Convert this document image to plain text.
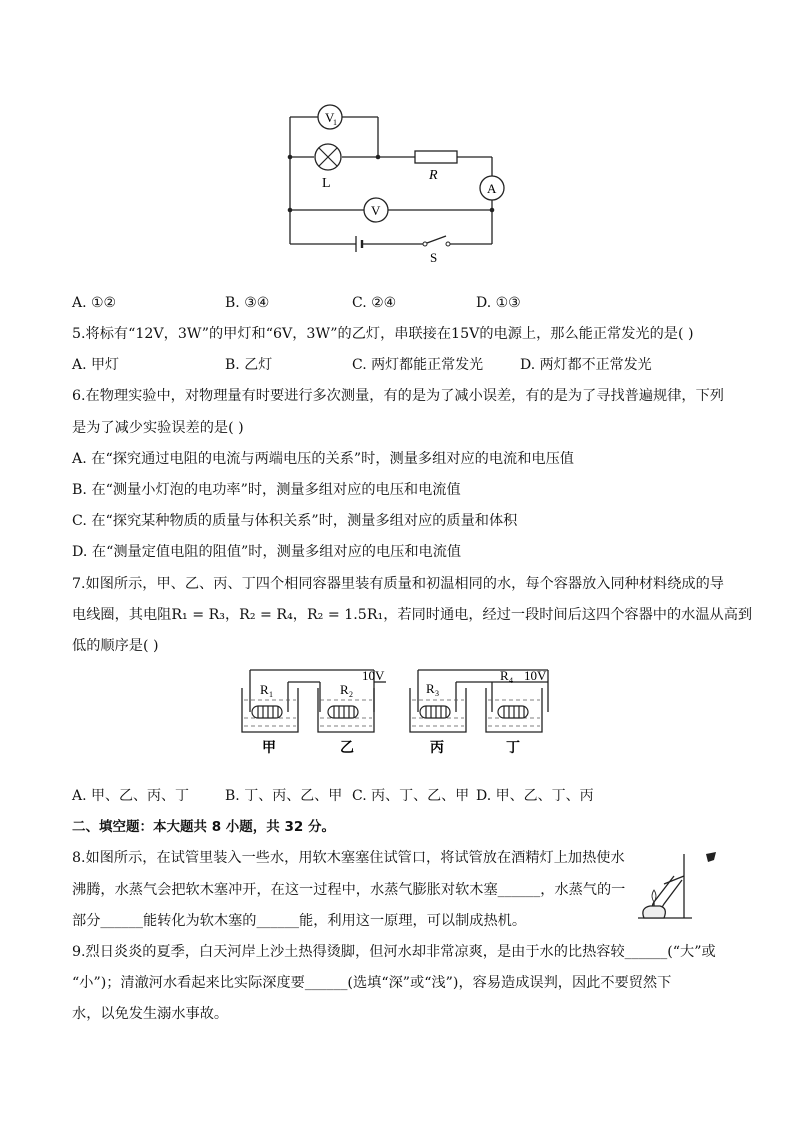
V
1
L
R
A
V
S
A. ①②	B. ③④	C. ②④	D. ①③
5.将标有“12V，3W”的甲灯和“6V，3W”的乙灯，串联接在15V的电源上，那么能正常发光的是( )
A. 甲灯	B. 乙灯	C. 两灯都能正常发光	D. 两灯都不正常发光
6.在物理实验中，对物理量有时要进行多次测量，有的是为了减小误差，有的是为了寻找普遍规律，下列
是为了减少实验误差的是( )
A. 在“探究通过电阻的电流与两端电压的关系”时，测量多组对应的电流和电压值
B. 在“测量小灯泡的电功率”时，测量多组对应的电压和电流值
C. 在“探究某种物质的质量与体积关系”时，测量多组对应的质量和体积
D. 在“测量定值电阻的阻值”时，测量多组对应的电压和电流值
7.如图所示，甲、乙、丙、丁四个相同容器里装有质量和初温相同的水，每个容器放入同种材料绕成的导
电线圈，其电阻R₁ = R₃，R₂ = R₄，R₂ = 1.5R₁，若同时通电，经过一段时间后这四个容器中的水温从高到
低的顺序是( )
R 1	R 2	R 3
R 4
10V	10V
甲	乙	丙	丁
A. 甲、乙、丙、丁	B. 丁、丙、乙、甲 C. 丙、丁、乙、甲 D. 甲、乙、丁、丙
二、填空题：本大题共 8 小题，共 32 分。
8.如图所示，在试管里装入一些水，用软木塞塞住试管口，将试管放在酒精灯上加热使水
沸腾，水蒸气会把软木塞冲开，在这一过程中，水蒸气膨胀对软木塞______，水蒸气的一
部分______能转化为软木塞的______能，利用这一原理，可以制成热机。
9.烈日炎炎的夏季，白天河岸上沙土热得烫脚，但河水却非常凉爽，是由于水的比热容较______(“大”或
“小”)；清澈河水看起来比实际深度要______(选填“深”或“浅”)，容易造成误判，因此不要贸然下
水，以免发生溺水事故。
